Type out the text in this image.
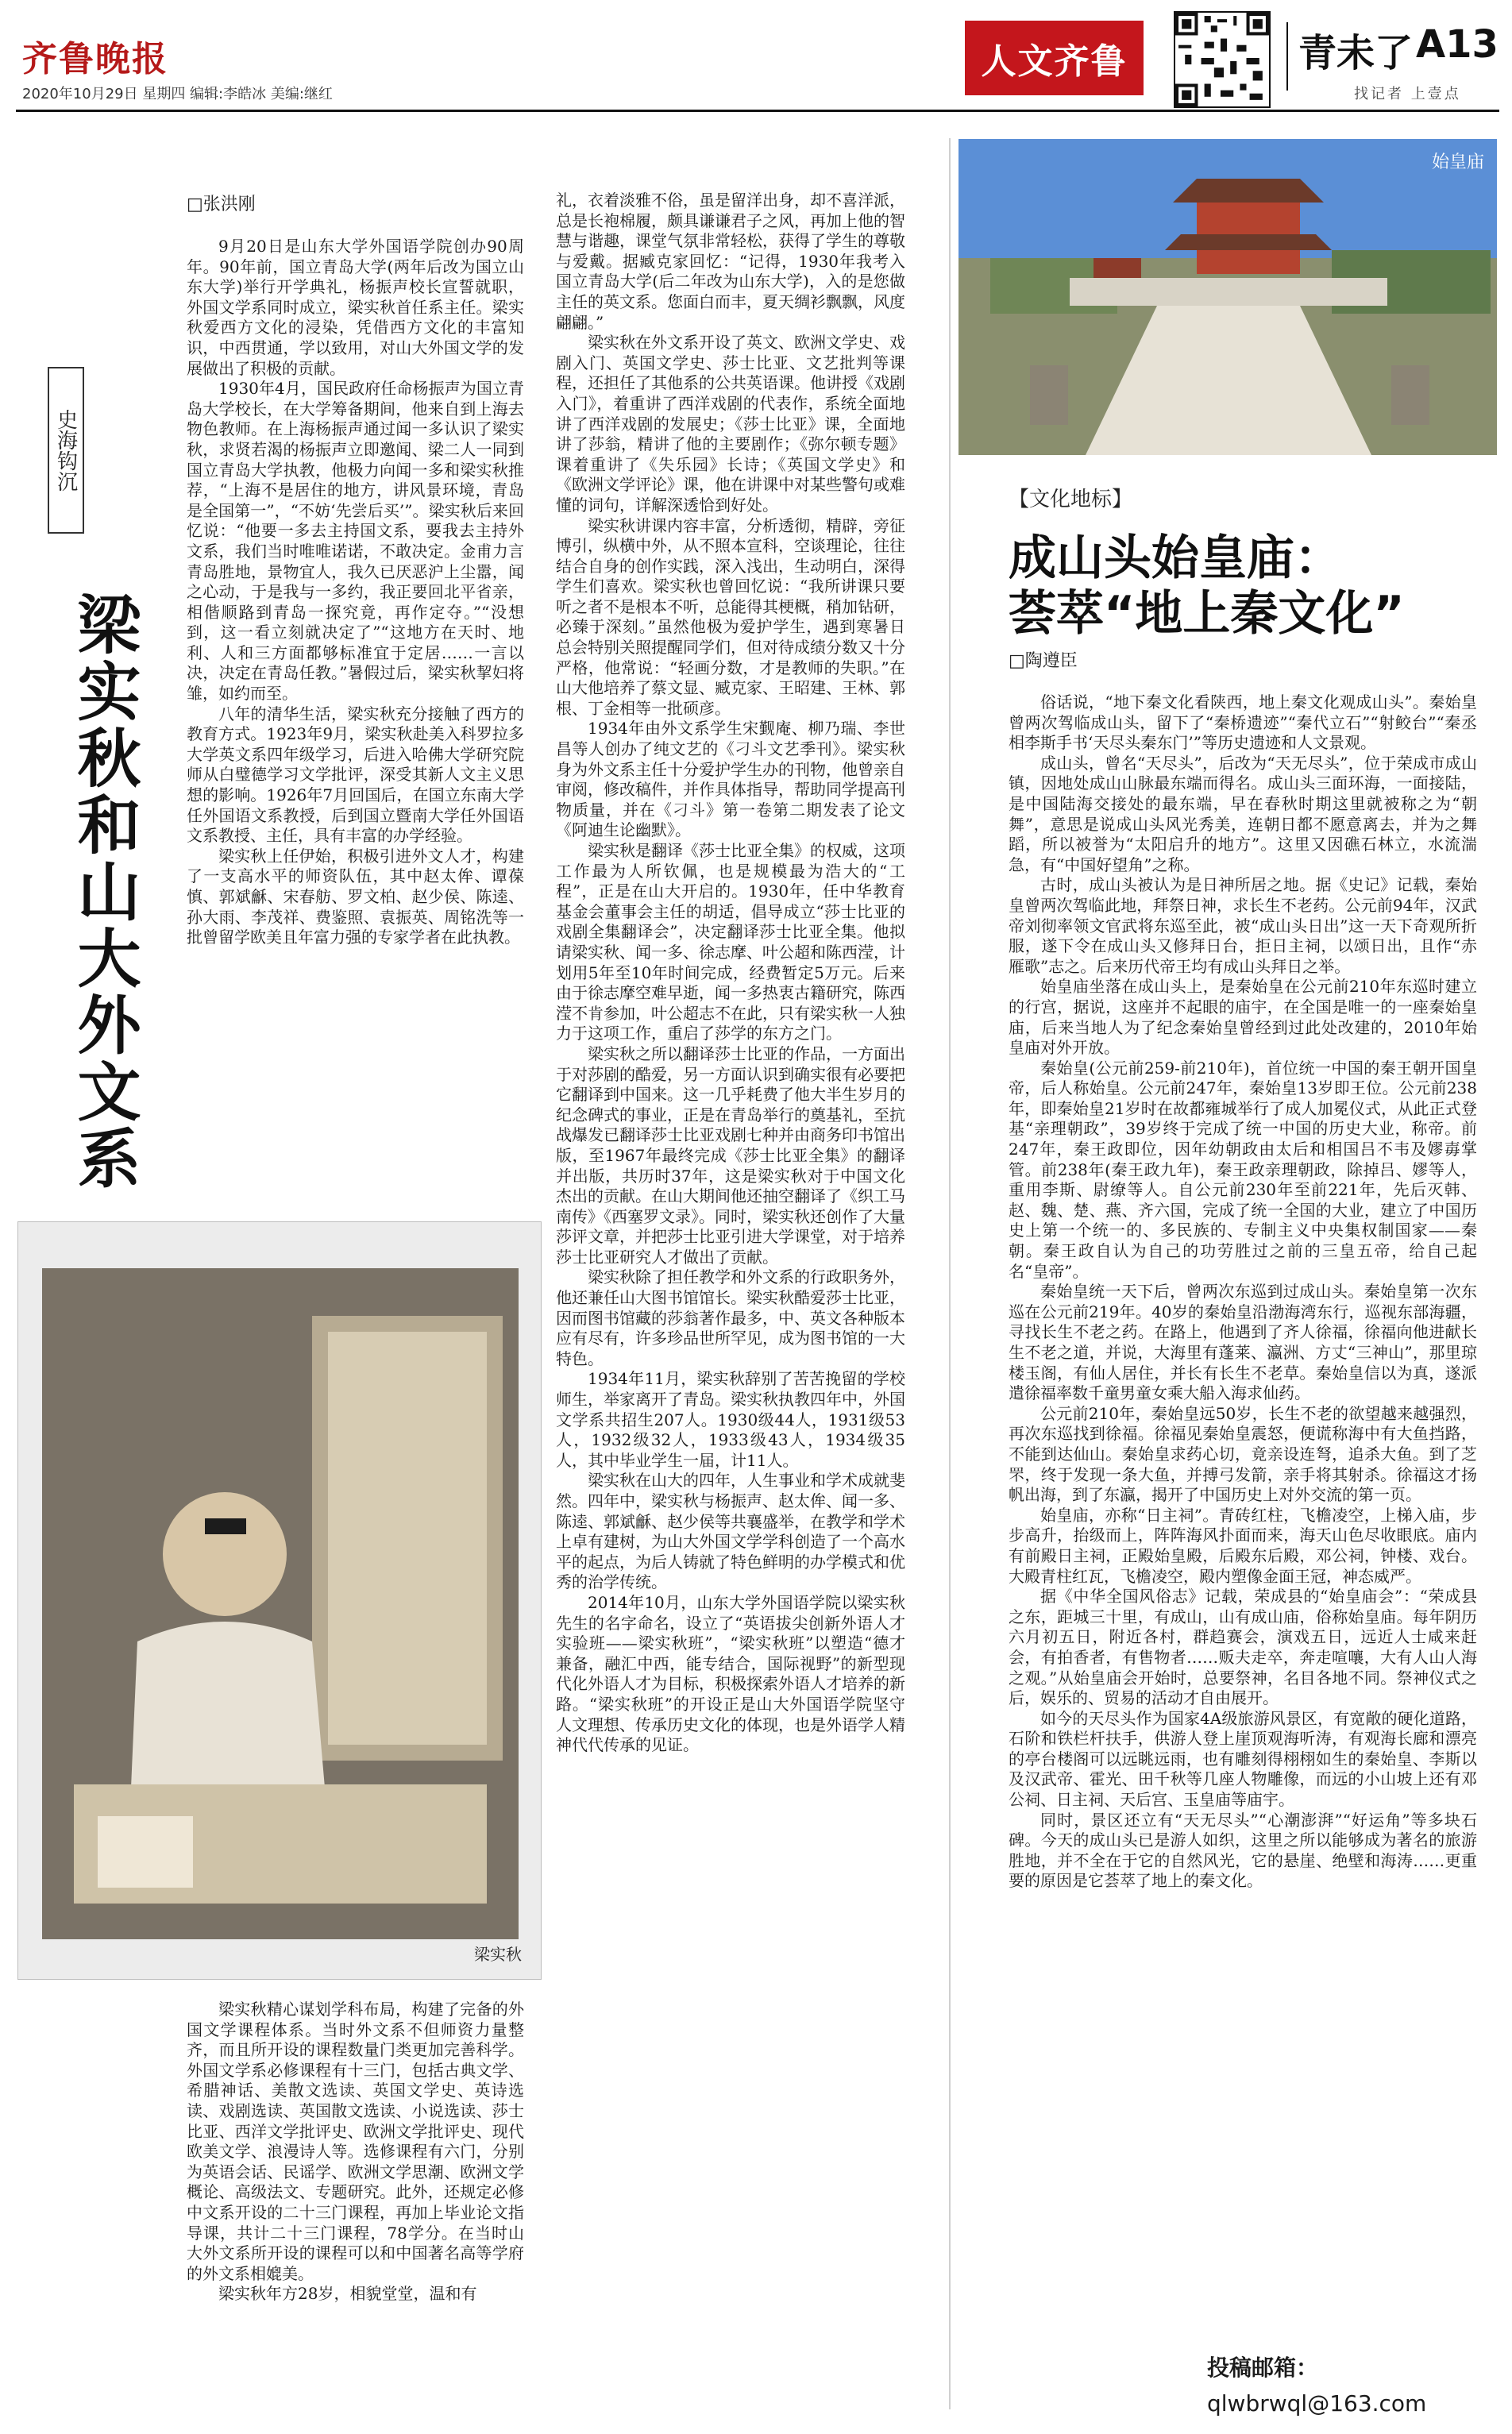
齐鲁晚报
2020年10月29日 星期四 编辑:李皓冰 美编:继红
人文齐鲁	青未了 A13
找记者 上壹点
史海钩沉
梁实秋和山大外文系
□张洪刚

9月20日是山东大学外国语学院创办90周年。90年前，国立青岛大学(两年后改为国立山东大学)举行开学典礼，杨振声校长宣誓就职，外国文学系同时成立，梁实秋首任系主任。梁实秋爱西方文化的浸染，凭借西方文化的丰富知识，中西贯通，学以致用，对山大外国文学的发展做出了积极的贡献。

1930年4月，国民政府任命杨振声为国立青岛大学校长，在大学筹备期间，他来自到上海去物色教师。在上海杨振声通过闻一多认识了梁实秋，求贤若渴的杨振声立即邀闻、梁二人一同到国立青岛大学执教，他极力向闻一多和梁实秋推荐，“上海不是居住的地方，讲风景环境，青岛是全国第一”，“不妨‘先尝后买’”。梁实秋后来回忆说：“他要一多去主持国文系，要我去主持外文系，我们当时唯唯诺诺，不敢决定。金甫力言青岛胜地，景物宜人，我久已厌恶沪上尘嚣，闻之心动，于是我与一多约，我正要回北平省亲，相偕顺路到青岛一探究竟，再作定夺。”“没想到，这一看立刻就决定了”“这地方在天时、地利、人和三方面都够标准宜于定居……一言以决，决定在青岛任教。”暑假过后，梁实秋挈妇将雏，如约而至。

八年的清华生活，梁实秋充分接触了西方的教育方式。1923年9月，梁实秋赴美入科罗拉多大学英文系四年级学习，后进入哈佛大学研究院师从白璧德学习文学批评，深受其新人文主义思想的影响。1926年7月回国后，在国立东南大学任外国语文系教授，后到国立暨南大学任外国语文系教授、主任，具有丰富的办学经验。

梁实秋上任伊始，积极引进外文人才，构建了一支高水平的师资队伍，其中赵太侔、谭葆慎、郭斌龢、宋春舫、罗文柏、赵少侯、陈逵、孙大雨、李茂祥、费鉴照、袁振英、周铭洗等一批曾留学欧美且年富力强的专家学者在此执教。

梁实秋

梁实秋精心谋划学科布局，构建了完备的外国文学课程体系。当时外文系不但师资力量整齐，而且所开设的课程数量门类更加完善科学。外国文学系必修课程有十三门，包括古典文学、希腊神话、美散文选读、英国文学史、英诗选读、戏剧选读、英国散文选读、小说选读、莎士比亚、西洋文学批评史、欧洲文学批评史、现代欧美文学、浪漫诗人等。选修课程有六门，分别为英语会话、民谣学、欧洲文学思潮、欧洲文学概论、高级法文、专题研究。此外，还规定必修中文系开设的二十三门课程，再加上毕业论文指导课，共计二十三门课程，78学分。在当时山大外文系所开设的课程可以和中国著名高等学府的外文系相媲美。

梁实秋年方28岁，相貌堂堂，温和有

礼，衣着淡雅不俗，虽是留洋出身，却不喜洋派，总是长袍棉履，颇具谦谦君子之风，再加上他的智慧与谐趣，课堂气氛非常轻松，获得了学生的尊敬与爱戴。据臧克家回忆：“记得，1930年我考入国立青岛大学(后二年改为山东大学)，入的是您做主任的英文系。您面白而丰，夏天绸衫飘飘，风度翩翩。”

梁实秋在外文系开设了英文、欧洲文学史、戏剧入门、英国文学史、莎士比亚、文艺批判等课程，还担任了其他系的公共英语课。他讲授《戏剧入门》，着重讲了西洋戏剧的代表作，系统全面地讲了西洋戏剧的发展史；《莎士比亚》课，全面地讲了莎翁，精讲了他的主要剧作；《弥尔顿专题》课着重讲了《失乐园》长诗；《英国文学史》和《欧洲文学评论》课，他在讲课中对某些警句或难懂的词句，详解深透恰到好处。

梁实秋讲课内容丰富，分析透彻，精辟，旁征博引，纵横中外，从不照本宣科，空谈理论，往往结合自身的创作实践，深入浅出，生动明白，深得学生们喜欢。梁实秋也曾回忆说：“我所讲课只要听之者不是根本不听，总能得其梗概，稍加钻研，必臻于深刻。”虽然他极为爱护学生，遇到寒暑日总会特别关照提醒同学们，但对待成绩分数又十分严格，他常说：“轻画分数，才是教师的失职。”在山大他培养了蔡文显、臧克家、王昭建、王林、郭根、丁金相等一批硕彦。

1934年由外文系学生宋觐庵、柳乃瑞、李世昌等人创办了纯文艺的《刁斗文艺季刊》。梁实秋身为外文系主任十分爱护学生办的刊物，他曾亲自审阅，修改稿件，并作具体指导，帮助同学提高刊物质量，并在《刁斗》第一卷第二期发表了论文《阿迪生论幽默》。

梁实秋是翻译《莎士比亚全集》的权威，这项工作最为人所钦佩，也是规模最为浩大的“工程”，正是在山大开启的。1930年，任中华教育基金会董事会主任的胡适，倡导成立“莎士比亚的戏剧全集翻译会”，决定翻译莎士比亚全集。他拟请梁实秋、闻一多、徐志摩、叶公超和陈西滢，计划用5年至10年时间完成，经费暂定5万元。后来由于徐志摩空难早逝，闻一多热衷古籍研究，陈西滢不肯参加，叶公超志不在此，只有梁实秋一人独力于这项工作，重启了莎学的东方之门。

梁实秋之所以翻译莎士比亚的作品，一方面出于对莎剧的酷爱，另一方面认识到确实很有必要把它翻译到中国来。这一几乎耗费了他大半生岁月的纪念碑式的事业，正是在青岛举行的奠基礼，至抗战爆发已翻译莎士比亚戏剧七种并由商务印书馆出版，至1967年最终完成《莎士比亚全集》的翻译并出版，共历时37年，这是梁实秋对于中国文化杰出的贡献。在山大期间他还抽空翻译了《织工马南传》《西塞罗文录》。同时，梁实秋还创作了大量莎评文章，并把莎士比亚引进大学课堂，对于培养莎士比亚研究人才做出了贡献。

梁实秋除了担任教学和外文系的行政职务外，他还兼任山大图书馆馆长。梁实秋酷爱莎士比亚，因而图书馆藏的莎翁著作最多，中、英文各种版本应有尽有，许多珍品世所罕见，成为图书馆的一大特色。

1934年11月，梁实秋辞别了苦苦挽留的学校师生，举家离开了青岛。梁实秋执教四年中，外国文学系共招生207人。1930级44人，1931级53人，1932级32人，1933级43人，1934级35人，其中毕业学生一届，计11人。

梁实秋在山大的四年，人生事业和学术成就斐然。四年中，梁实秋与杨振声、赵太侔、闻一多、陈逵、郭斌龢、赵少侯等共襄盛举，在教学和学术上卓有建树，为山大外国文学学科创造了一个高水平的起点，为后人铸就了特色鲜明的办学模式和优秀的治学传统。

2014年10月，山东大学外国语学院以梁实秋先生的名字命名，设立了“英语拔尖创新外语人才实验班——梁实秋班”，“梁实秋班”以塑造“德才兼备，融汇中西，能专结合，国际视野”的新型现代化外语人才为目标，积极探索外语人才培养的新路。“梁实秋班”的开设正是山大外国语学院坚守人文理想、传承历史文化的体现，也是外语学人精神代代传承的见证。

始皇庙
【文化地标】
成山头始皇庙：
荟萃“地上秦文化”
□陶遵臣

俗话说，“地下秦文化看陕西，地上秦文化观成山头”。秦始皇曾两次驾临成山头，留下了“秦桥遗迹”“秦代立石”“射鲛台”“秦丞相李斯手书‘天尽头秦东门’”等历史遗迹和人文景观。

成山头，曾名“天尽头”，后改为“天无尽头”，位于荣成市成山镇，因地处成山山脉最东端而得名。成山头三面环海，一面接陆，是中国陆海交接处的最东端，早在春秋时期这里就被称之为“朝舞”，意思是说成山头风光秀美，连朝日都不愿意离去，并为之舞蹈，所以被誉为“太阳启升的地方”。这里又因礁石林立，水流湍急，有“中国好望角”之称。

古时，成山头被认为是日神所居之地。据《史记》记载，秦始皇曾两次驾临此地，拜祭日神，求长生不老药。公元前94年，汉武帝刘彻率领文官武将东巡至此，被“成山头日出”这一天下奇观所折服，遂下令在成山头又修拜日台，拒日主祠，以颂日出，且作“赤雁歌”志之。后来历代帝王均有成山头拜日之举。

始皇庙坐落在成山头上，是秦始皇在公元前210年东巡时建立的行宫，据说，这座并不起眼的庙宇，在全国是唯一的一座秦始皇庙，后来当地人为了纪念秦始皇曾经到过此处改建的，2010年始皇庙对外开放。

秦始皇(公元前259-前210年)，首位统一中国的秦王朝开国皇帝，后人称始皇。公元前247年，秦始皇13岁即王位。公元前238年，即秦始皇21岁时在故都雍城举行了成人加冕仪式，从此正式登基“亲理朝政”，39岁终于完成了统一中国的历史大业，称帝。前247年，秦王政即位，因年幼朝政由太后和相国吕不韦及嫪毐掌管。前238年(秦王政九年)，秦王政亲理朝政，除掉吕、嫪等人，重用李斯、尉缭等人。自公元前230年至前221年，先后灭韩、赵、魏、楚、燕、齐六国，完成了统一全国的大业，建立了中国历史上第一个统一的、多民族的、专制主义中央集权制国家——秦朝。秦王政自认为自己的功劳胜过之前的三皇五帝，给自己起名“皇帝”。

秦始皇统一天下后，曾两次东巡到过成山头。秦始皇第一次东巡在公元前219年。40岁的秦始皇沿渤海湾东行，巡视东部海疆，寻找长生不老之药。在路上，他遇到了齐人徐福，徐福向他进献长生不老之道，并说，大海里有蓬莱、瀛洲、方丈“三神山”，那里琼楼玉阁，有仙人居住，并长有长生不老草。秦始皇信以为真，遂派遣徐福率数千童男童女乘大船入海求仙药。

公元前210年，秦始皇远50岁，长生不老的欲望越来越强烈，再次东巡找到徐福。徐福见秦始皇震怒，便谎称海中有大鱼挡路，不能到达仙山。秦始皇求药心切，竟亲设连弩，追杀大鱼。到了芝罘，终于发现一条大鱼，并搏弓发箭，亲手将其射杀。徐福这才扬帆出海，到了东瀛，揭开了中国历史上对外交流的第一页。

始皇庙，亦称“日主祠”。青砖红柱，飞檐凌空，上梯入庙，步步高升，抬级而上，阵阵海风扑面而来，海天山色尽收眼底。庙内有前殿日主祠，正殿始皇殿，后殿东后殿，邓公祠，钟楼、戏台。大殿青柱红瓦，飞檐凌空，殿内塑像金面王冠，神态威严。

据《中华全国风俗志》记载，荣成县的“始皇庙会”：“荣成县之东，距城三十里，有成山，山有成山庙，俗称始皇庙。每年阴历六月初五日，附近各村，群趋赛会，演戏五日，远近人士咸来赶会，有拍香者，有售物者……贩夫走卒，奔走喧嚷，大有人山人海之观。”从始皇庙会开始时，总要祭神，名目各地不同。祭神仪式之后，娱乐的、贸易的活动才自由展开。

如今的天尽头作为国家4A级旅游风景区，有宽敞的硬化道路，石阶和铁栏杆扶手，供游人登上崖顶观海听涛，有观海长廊和漂亮的亭台楼阁可以远眺远雨，也有雕刻得栩栩如生的秦始皇、李斯以及汉武帝、霍光、田千秋等几座人物雕像，而远的小山坡上还有邓公祠、日主祠、天后宫、玉皇庙等庙宇。

同时，景区还立有“天无尽头”“心潮澎湃”“好运角”等多块石碑。今天的成山头已是游人如织，这里之所以能够成为著名的旅游胜地，并不全在于它的自然风光，它的悬崖、绝壁和海涛……更重要的原因是它荟萃了地上的秦文化。

投稿邮箱：
qlwbrwql@163.com
